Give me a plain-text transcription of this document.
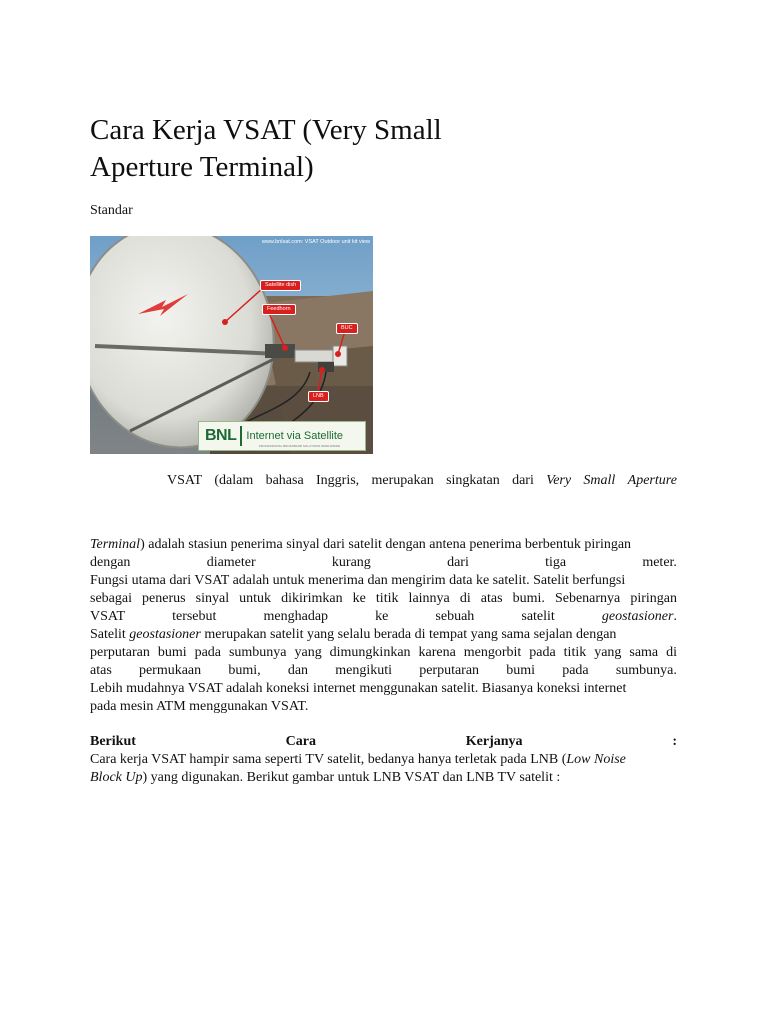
Cara Kerja VSAT (Very Small
Aperture Terminal)
Standar
www.bnlsat.com: VSAT Outdoor unit kit view
Satellite dish
Feedhorn
BUC
LNB
BNL Internet via Satellite
PROFESSIONAL BROADBAND SOLUTIONS WORLDWIDE
VSAT (dalam bahasa Inggris, merupakan singkatan dari Very Small Aperture
Terminal) adalah stasiun penerima sinyal dari satelit dengan antena penerima berbentuk piringan
dengan	diameter	kurang	dari	tiga	meter.
Fungsi utama dari VSAT adalah untuk menerima dan mengirim data ke satelit. Satelit berfungsi
sebagai penerus sinyal untuk dikirimkan ke titik lainnya di atas bumi. Sebenarnya piringan
VSAT	tersebut	menghadap	ke	sebuah	satelit	geostasioner.
Satelit geostasioner merupakan satelit yang selalu berada di tempat yang sama sejalan dengan
perputaran bumi pada sumbunya yang dimungkinkan karena mengorbit pada titik yang sama di
atas permukaan bumi, dan mengikuti perputaran bumi pada sumbunya.
Lebih mudahnya VSAT adalah koneksi internet menggunakan satelit. Biasanya koneksi internet
pada mesin ATM menggunakan VSAT.
Berikut	Cara	Kerjanya	:
Cara kerja VSAT hampir sama seperti TV satelit, bedanya hanya terletak pada LNB (Low Noise
Block Up) yang digunakan. Berikut gambar untuk LNB VSAT dan LNB TV satelit :
